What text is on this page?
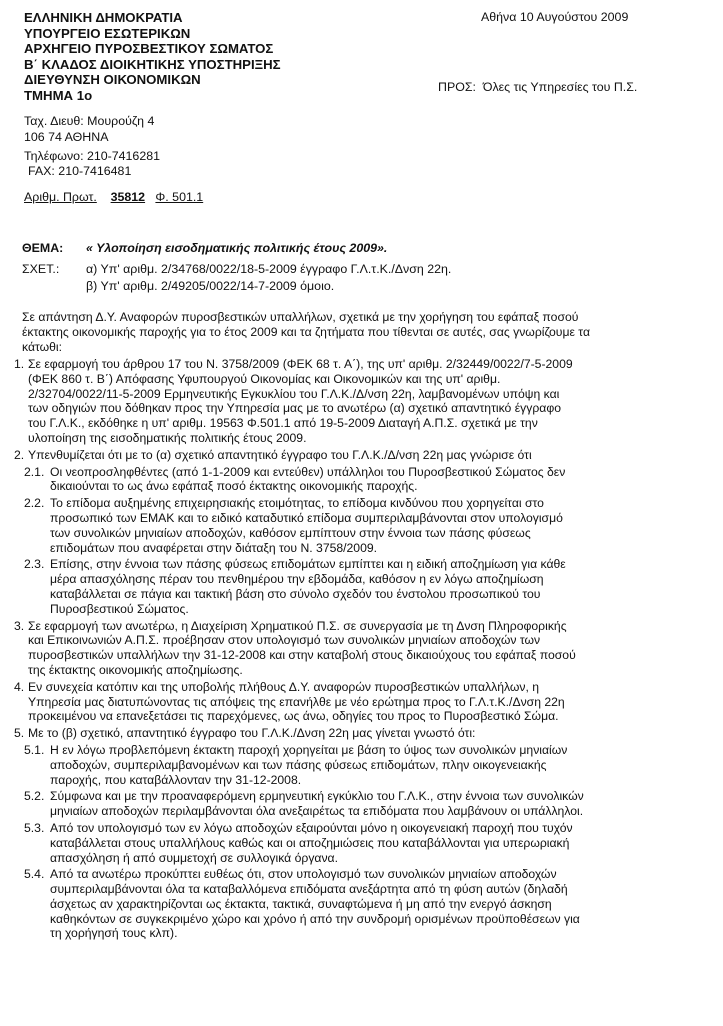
ΕΛΛΗΝΙΚΗ ΔΗΜΟΚΡΑΤΙΑ
ΥΠΟΥΡΓΕΙΟ ΕΣΩΤΕΡΙΚΩΝ
ΑΡΧΗΓΕΙΟ ΠΥΡΟΣΒΕΣΤΙΚΟΥ ΣΩΜΑΤΟΣ
Β΄ ΚΛΑΔΟΣ ΔΙΟΙΚΗΤΙΚΗΣ ΥΠΟΣΤΗΡΙΞΗΣ
ΔΙΕΥΘΥΝΣΗ ΟΙΚΟΝΟΜΙΚΩΝ
ΤΜΗΜΑ 1ο
Ταχ. Διευθ: Μουρούζη 4
106 74 ΑΘΗΝΑ
Τηλέφωνο: 210-7416281
FAX: 210-7416481
Αριθμ. Πρωτ. 35812 Φ. 501.1
Αθήνα 10 Αυγούστου 2009
ΠΡΟΣ: Όλες τις Υπηρεσίες του Π.Σ.
ΘΕΜΑ: « Υλοποίηση εισοδηματικής πολιτικής έτους 2009».
ΣΧΕΤ.: α) Υπ' αριθμ. 2/34768/0022/18-5-2009 έγγραφο Γ.Λ.τ.Κ./Δνση 22η.
β) Υπ' αριθμ. 2/49205/0022/14-7-2009 όμοιο.
Σε απάντηση Δ.Υ. Αναφορών πυροσβεστικών υπαλλήλων, σχετικά με την χορήγηση του εφάπαξ ποσού
έκτακτης οικονομικής παροχής για το έτος 2009 και τα ζητήματα που τίθενται σε αυτές, σας γνωρίζουμε τα
κάτωθι:
1. Σε εφαρμογή του άρθρου 17 του Ν. 3758/2009 (ΦΕΚ 68 τ. Α΄), της υπ' αριθμ. 2/32449/0022/7-5-2009
(ΦΕΚ 860 τ. Β΄) Απόφασης Υφυπουργού Οικονομίας και Οικονομικών και της υπ' αριθμ.
2/32704/0022/11-5-2009 Ερμηνευτικής Εγκυκλίου του Γ.Λ.Κ./Δ/νση 22η, λαμβανομένων υπόψη και
των οδηγιών που δόθηκαν προς την Υπηρεσία μας με το ανωτέρω (α) σχετικό απαντητικό έγγραφο
του Γ.Λ.Κ., εκδόθηκε η υπ' αριθμ. 19563 Φ.501.1 από 19-5-2009 Διαταγή Α.Π.Σ. σχετικά με την
υλοποίηση της εισοδηματικής πολιτικής έτους 2009.
2. Υπενθυμίζεται ότι με το (α) σχετικό απαντητικό έγγραφο του Γ.Λ.Κ./Δ/νση 22η μας γνώρισε ότι
2.1. Οι νεοπροσληφθέντες (από 1-1-2009 και εντεύθεν) υπάλληλοι του Πυροσβεστικού Σώματος δεν
δικαιούνται το ως άνω εφάπαξ ποσό έκτακτης οικονομικής παροχής.
2.2. Το επίδομα αυξημένης επιχειρησιακής ετοιμότητας, το επίδομα κινδύνου που χορηγείται στο
προσωπικό των ΕΜΑΚ και το ειδικό καταδυτικό επίδομα συμπεριλαμβάνονται στον υπολογισμό
των συνολικών μηνιαίων αποδοχών, καθόσον εμπίπτουν στην έννοια των πάσης φύσεως
επιδομάτων που αναφέρεται στην διάταξη του Ν. 3758/2009.
2.3. Επίσης, στην έννοια των πάσης φύσεως επιδομάτων εμπίπτει και η ειδική αποζημίωση για κάθε
μέρα απασχόλησης πέραν του πενθημέρου την εβδομάδα, καθόσον η εν λόγω αποζημίωση
καταβάλλεται σε πάγια και τακτική βάση στο σύνολο σχεδόν του ένστολου προσωπικού του
Πυροσβεστικού Σώματος.
3. Σε εφαρμογή των ανωτέρω, η Διαχείριση Χρηματικού Π.Σ. σε συνεργασία με τη Δνση Πληροφορικής
και Επικοινωνιών Α.Π.Σ. προέβησαν στον υπολογισμό των συνολικών μηνιαίων αποδοχών των
πυροσβεστικών υπαλλήλων την 31-12-2008 και στην καταβολή στους δικαιούχους του εφάπαξ ποσού
της έκτακτης οικονομικής αποζημίωσης.
4. Εν συνεχεία κατόπιν και της υποβολής πλήθους Δ.Υ. αναφορών πυροσβεστικών υπαλλήλων, η
Υπηρεσία μας διατυπώνοντας τις απόψεις της επανήλθε με νέο ερώτημα προς το Γ.Λ.τ.Κ./Δνση 22η
προκειμένου να επανεξετάσει τις παρεχόμενες, ως άνω, οδηγίες του προς το Πυροσβεστικό Σώμα.
5. Με το (β) σχετικό, απαντητικό έγγραφο του Γ.Λ.Κ./Δνση 22η μας γίνεται γνωστό ότι:
5.1. Η εν λόγω προβλεπόμενη έκτακτη παροχή χορηγείται με βάση το ύψος των συνολικών μηνιαίων
αποδοχών, συμπεριλαμβανομένων και των πάσης φύσεως επιδομάτων, πλην οικογενειακής
παροχής, που καταβάλλονταν την 31-12-2008.
5.2. Σύμφωνα και με την προαναφερόμενη ερμηνευτική εγκύκλιο του Γ.Λ.Κ., στην έννοια των συνολικών
μηνιαίων αποδοχών περιλαμβάνονται όλα ανεξαιρέτως τα επιδόματα που λαμβάνουν οι υπάλληλοι.
5.3. Από τον υπολογισμό των εν λόγω αποδοχών εξαιρούνται μόνο η οικογενειακή παροχή που τυχόν
καταβάλλεται στους υπαλλήλους καθώς και οι αποζημιώσεις που καταβάλλονται για υπερωριακή
απασχόληση ή από συμμετοχή σε συλλογικά όργανα.
5.4. Από τα ανωτέρω προκύπτει ευθέως ότι, στον υπολογισμό των συνολικών μηνιαίων αποδοχών
συμπεριλαμβάνονται όλα τα καταβαλλόμενα επιδόματα ανεξάρτητα από τη φύση αυτών (δηλαδή
άσχετως αν χαρακτηρίζονται ως έκτακτα, τακτικά, συναφτώμενα ή μη από την ενεργό άσκηση
καθηκόντων σε συγκεκριμένο χώρο και χρόνο ή από την συνδρομή ορισμένων προϋποθέσεων για
τη χορήγησή τους κλπ).
